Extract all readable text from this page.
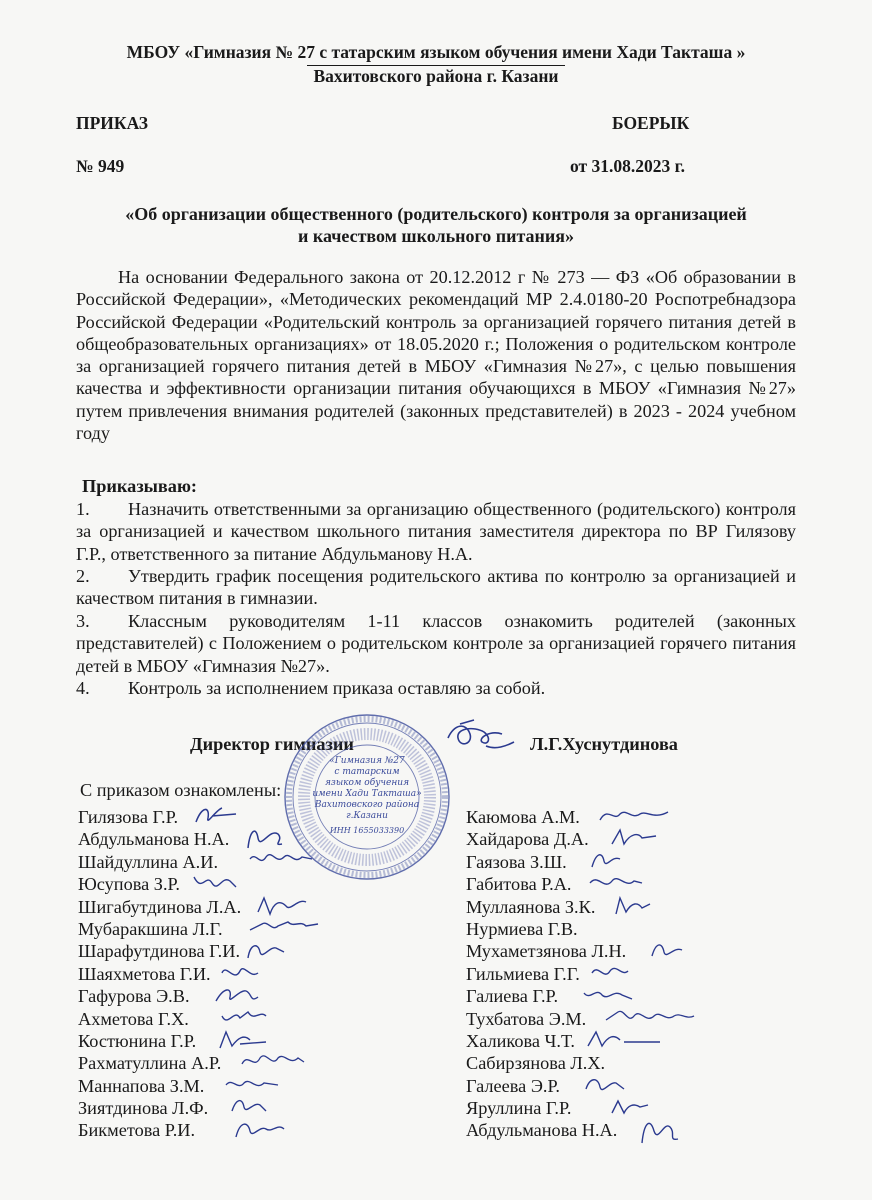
МБОУ «Гимназия № 27 с татарским языком обучения имени Хади Такташа »
Вахитовского района г. Казани
ПРИКАЗ	БОЕРЫК
№ 949	от 31.08.2023 г.
«Об организации общественного (родительского) контроля за организацией
и качеством школьного питания»
На основании Федерального закона от 20.12.2012 г № 273 — ФЗ «Об образовании в Российской Федерации», «Методических рекомендаций МР 2.4.0180-20 Роспотребнадзора Российской Федерации «Родительский контроль за организацией горячего питания детей в общеобразовательных организациях» от 18.05.2020 г.; Положения о родительском контроле за организацией горячего питания детей в МБОУ «Гимназия №27», с целью повышения качества и эффективности организации питания обучающихся в МБОУ «Гимназия №27» путем привлечения внимания родителей (законных представителей) в 2023 - 2024 учебном году
Приказываю:
1. Назначить ответственными за организацию общественного (родительского) контроля за организацией и качеством школьного питания заместителя директора по ВР Гилязову Г.Р., ответственного за питание Абдульманову Н.А.
2. Утвердить график посещения родительского актива по контролю за организацией и качеством питания в гимназии.
3. Классным руководителям 1-11 классов ознакомить родителей (законных представителей) с Положением о родительском контроле за организацией горячего питания детей в МБОУ «Гимназия №27».
4. Контроль за исполнением приказа оставляю за собой.
Директор гимназии	Л.Г.Хуснутдинова
С приказом ознакомлены:
«Гимназия №27
с татарским
языком обучения
имени Хади Такташа»
Вахитовского района
г.Казани
ИНН 1655033390
Гилязова Г.Р.
Абдульманова Н.А.
Шайдуллина А.И.
Юсупова З.Р.
Шигабутдинова Л.А.
Мубаракшина Л.Г.
Шарафутдинова Г.И.
Шаяхметова Г.И.
Гафурова Э.В.
Ахметова Г.Х.
Костюнина Г.Р.
Рахматуллина А.Р.
Маннапова З.М.
Зиятдинова Л.Ф.
Бикметова Р.И.
Каюмова А.М.
Хайдарова Д.А.
Гаязова З.Ш.
Габитова Р.А.
Муллаянова З.К.
Нурмиева Г.В.
Мухаметзянова Л.Н.
Гильмиева Г.Г.
Галиева Г.Р.
Тухбатова Э.М.
Халикова Ч.Т.
Сабирзянова Л.Х.
Галеева Э.Р.
Яруллина Г.Р.
Абдульманова Н.А.
